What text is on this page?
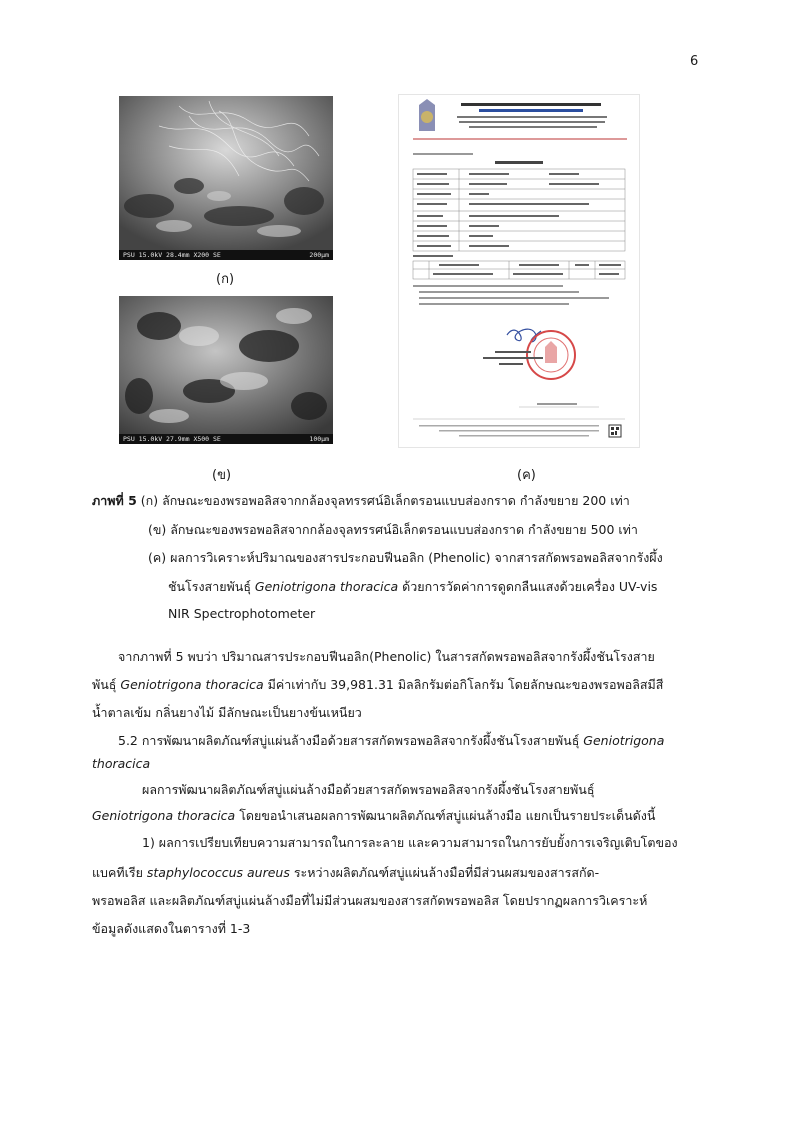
6
PSU 15.0kV 28.4mm X200 SE	200µm
(ก)
PSU 15.0kV 27.9mm X500 SE	100µm
(ข)	(ค)
ภาพที่ 5 (ก) ลักษณะของพรอพอลิสจากกล้องจุลทรรศน์อิเล็กตรอนแบบส่องกราด กำลังขยาย 200 เท่า
(ข) ลักษณะของพรอพอลิสจากกล้องจุลทรรศน์อิเล็กตรอนแบบส่องกราด กำลังขยาย 500 เท่า
(ค) ผลการวิเคราะห์ปริมาณของสารประกอบฟีนอลิก (Phenolic) จากสารสกัดพรอพอลิสจากรังผึ้ง
ชันโรงสายพันธุ์ Geniotrigona thoracica ด้วยการวัดค่าการดูดกลืนแสงด้วยเครื่อง UV-vis
NIR Spectrophotometer
จากภาพที่ 5 พบว่า ปริมาณสารประกอบฟีนอลิก(Phenolic) ในสารสกัดพรอพอลิสจากรังผึ้งชันโรงสาย
พันธุ์ Geniotrigona thoracica มีค่าเท่ากับ 39,981.31 มิลลิกรัมต่อกิโลกรัม โดยลักษณะของพรอพอลิสมีสี
น้ำตาลเข้ม กลิ่นยางไม้ มีลักษณะเป็นยางข้นเหนียว
5.2 การพัฒนาผลิตภัณฑ์สบู่แผ่นล้างมือด้วยสารสกัดพรอพอลิสจากรังผึ้งชันโรงสายพันธุ์ Geniotrigona
thoracica
ผลการพัฒนาผลิตภัณฑ์สบู่แผ่นล้างมือด้วยสารสกัดพรอพอลิสจากรังผึ้งชันโรงสายพันธุ์
Geniotrigona thoracica โดยขอนำเสนอผลการพัฒนาผลิตภัณฑ์สบู่แผ่นล้างมือ แยกเป็นรายประเด็นดังนี้
1) ผลการเปรียบเทียบความสามารถในการละลาย และความสามารถในการยับยั้งการเจริญเติบโตของ
แบคทีเรีย staphylococcus aureus ระหว่างผลิตภัณฑ์สบู่แผ่นล้างมือที่มีส่วนผสมของสารสกัด-
พรอพอลิส และผลิตภัณฑ์สบู่แผ่นล้างมือที่ไม่มีส่วนผสมของสารสกัดพรอพอลิส โดยปรากฏผลการวิเคราะห์
ข้อมูลดังแสดงในตารางที่ 1-3
